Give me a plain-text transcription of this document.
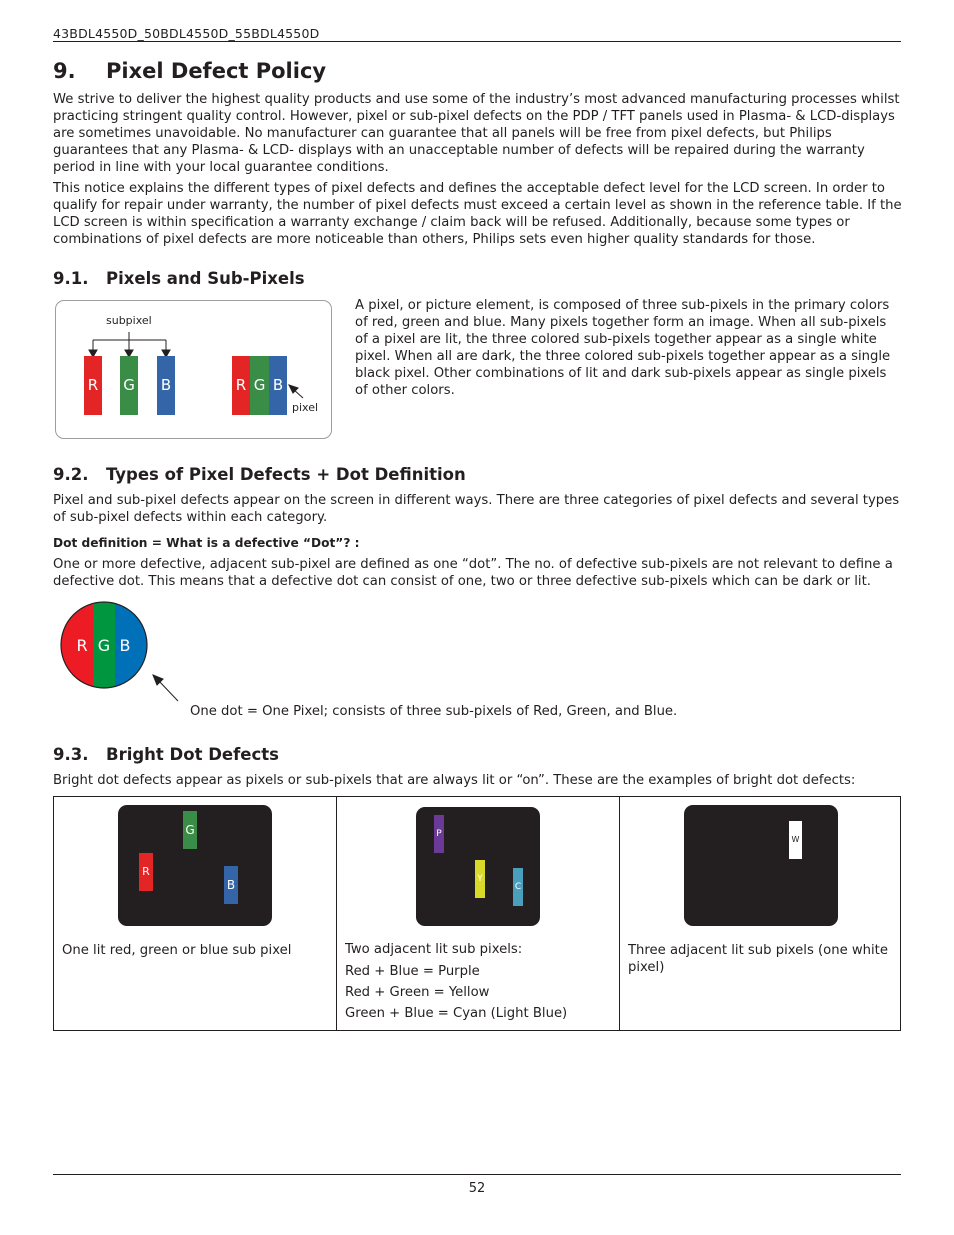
43BDL4550D_50BDL4550D_55BDL4550D
9. Pixel Defect Policy
We strive to deliver the highest quality products and use some of the industry’s most advanced manufacturing processes whilst practicing stringent quality control. However, pixel or sub-pixel defects on the PDP / TFT panels used in Plasma- & LCD-displays are sometimes unavoidable. No manufacturer can guarantee that all panels will be free from pixel defects, but Philips guarantees that any Plasma- & LCD- displays with an unacceptable number of defects will be repaired during the warranty period in line with your local guarantee conditions.
This notice explains the different types of pixel defects and defines the acceptable defect level for the LCD screen. In order to qualify for repair under warranty, the number of pixel defects must exceed a certain level as shown in the reference table. If the LCD screen is within specification a warranty exchange / claim back will be refused. Additionally, because some types or combinations of pixel defects are more noticeable than others, Philips sets even higher quality standards for those.
9.1. Pixels and Sub-Pixels
subpixel
R G B	R G B
pixel
A pixel, or picture element, is composed of three sub-pixels in the primary colors of red, green and blue. Many pixels together form an image. When all sub-pixels of a pixel are lit, the three colored sub-pixels together appear as a single white pixel. When all are dark, the three colored sub-pixels together appear as a single black pixel. Other combinations of lit and dark sub-pixels appear as single pixels of other colors.
9.2. Types of Pixel Defects + Dot Definition
Pixel and sub-pixel defects appear on the screen in different ways. There are three categories of pixel defects and several types of sub-pixel defects within each category.
Dot definition = What is a defective “Dot”? :
One or more defective, adjacent sub-pixel are defined as one “dot”. The no. of defective sub-pixels are not relevant to define a defective dot. This means that a defective dot can consist of one, two or three defective sub-pixels which can be dark or lit.
R G B
One dot = One Pixel; consists of three sub-pixels of Red, Green, and Blue.
9.3. Bright Dot Defects
Bright dot defects appear as pixels or sub-pixels that are always lit or “on”. These are the examples of bright dot defects:
G
R
B
One lit red, green or blue sub pixel
P
Y
C
Two adjacent lit sub pixels:
Red + Blue = Purple
Red + Green = Yellow
Green + Blue = Cyan (Light Blue)
W
Three adjacent lit sub pixels (one white pixel)
52
